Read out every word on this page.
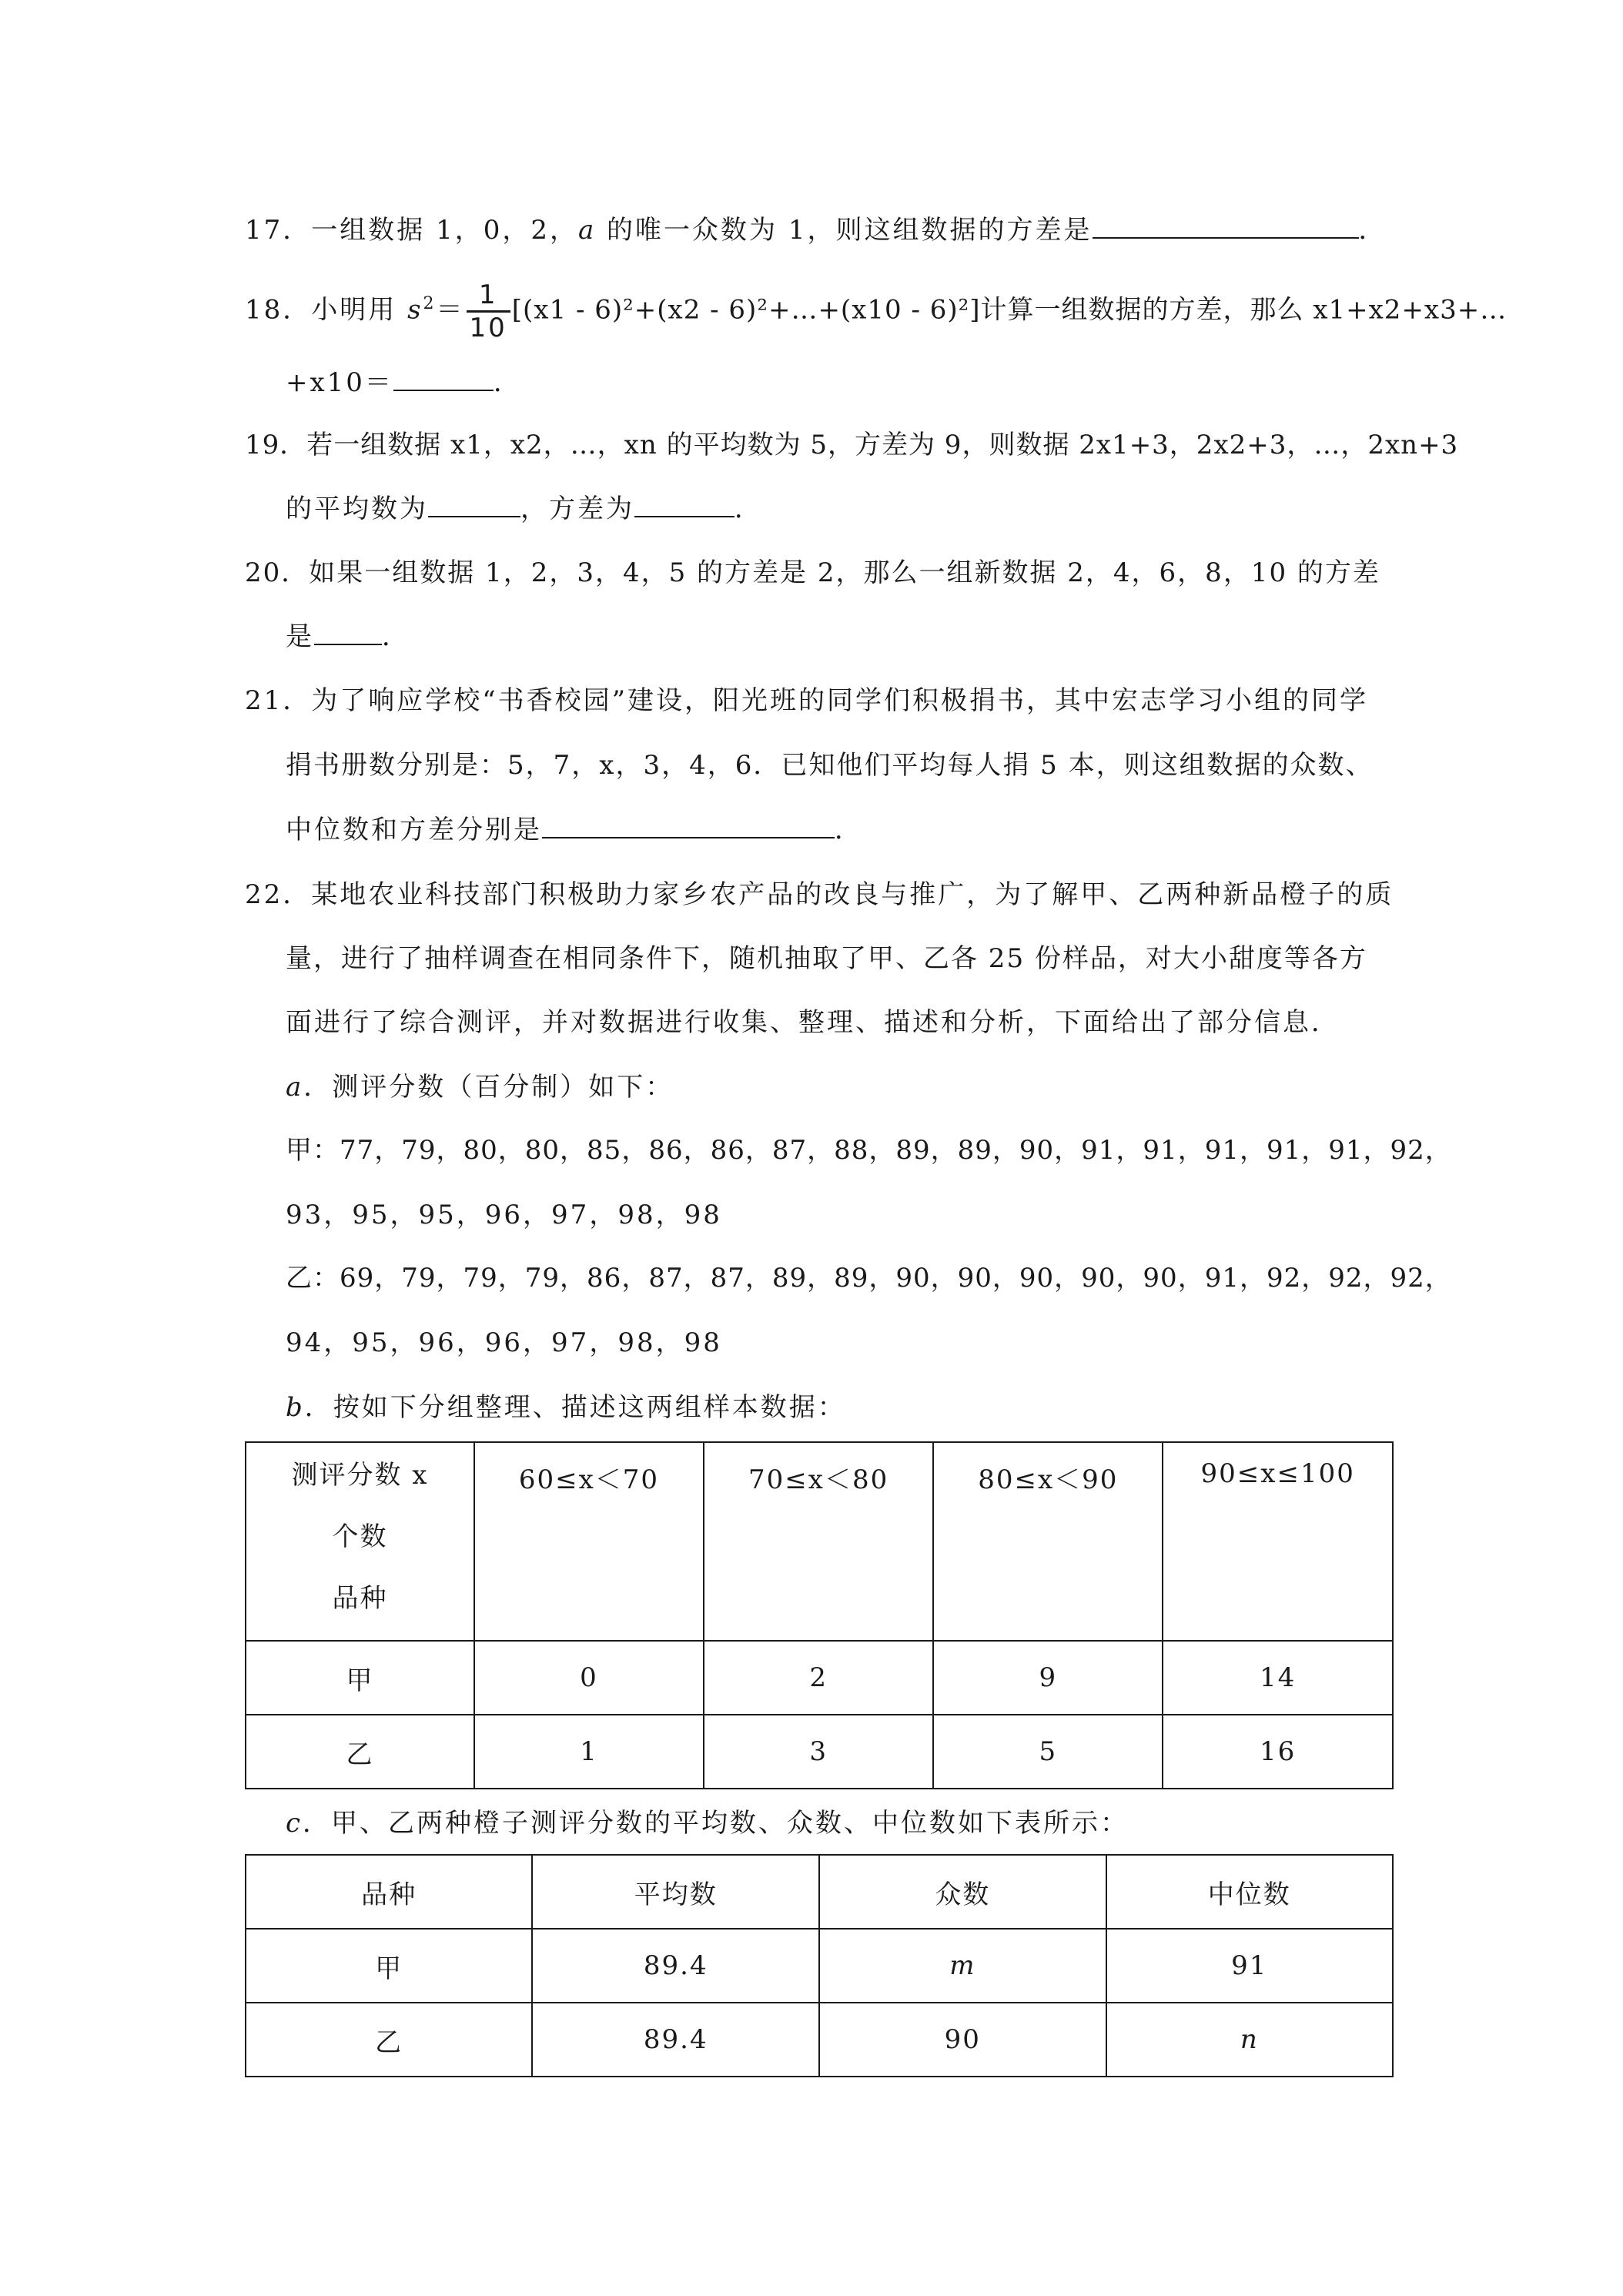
17．一组数据 1，0，2，a 的唯一众数为 1，则这组数据的方差是	．
18．小明用 $s^2= \frac{1}{10} [(x1 - 6)^2+(x2$ - 6)²+…+(x10 - 6)²]计算一组数据的方差，那么 x1+x2+x3+…
+x10＝	．
19．若一组数据 x1，x2，…，xn 的平均数为 5，方差为 9，则数据 2x1+3，2x2+3，…，2xn+3
的平均数为	，方差为	．
20．如果一组数据 1，2，3，4，5 的方差是 2，那么一组新数据 2，4，6，8，10 的方差
是	．
21．为了响应学校“书香校园”建设，阳光班的同学们积极捐书，其中宏志学习小组的同学
捐书册数分别是：5，7，x，3，4，6．已知他们平均每人捐 5 本，则这组数据的众数、
中位数和方差分别是	．
22．某地农业科技部门积极助力家乡农产品的改良与推广，为了解甲、乙两种新品橙子的质
量，进行了抽样调查在相同条件下，随机抽取了甲、乙各 25 份样品，对大小甜度等各方
面进行了综合测评，并对数据进行收集、整理、描述和分析，下面给出了部分信息．
a．测评分数（百分制）如下：
甲：77，79，80，80，85，86，86，87，88，89，89，90，91，91，91，91，91，92，
93，95，95，96，97，98，98
乙：69，79，79，79，86，87，87，89，89，90，90，90，90，90，91，92，92，92，
94，95，96，96，97，98，98
b．按如下分组整理、描述这两组样本数据：
测评分数 x
个数
品种	60≤x＜70	70≤x＜80	80≤x＜90	90≤x≤100
甲	0	2	9	14
乙	1	3	5	16
c．甲、乙两种橙子测评分数的平均数、众数、中位数如下表所示：
品种	平均数	众数	中位数
甲	89.4	m	91
乙	89.4	90	n
